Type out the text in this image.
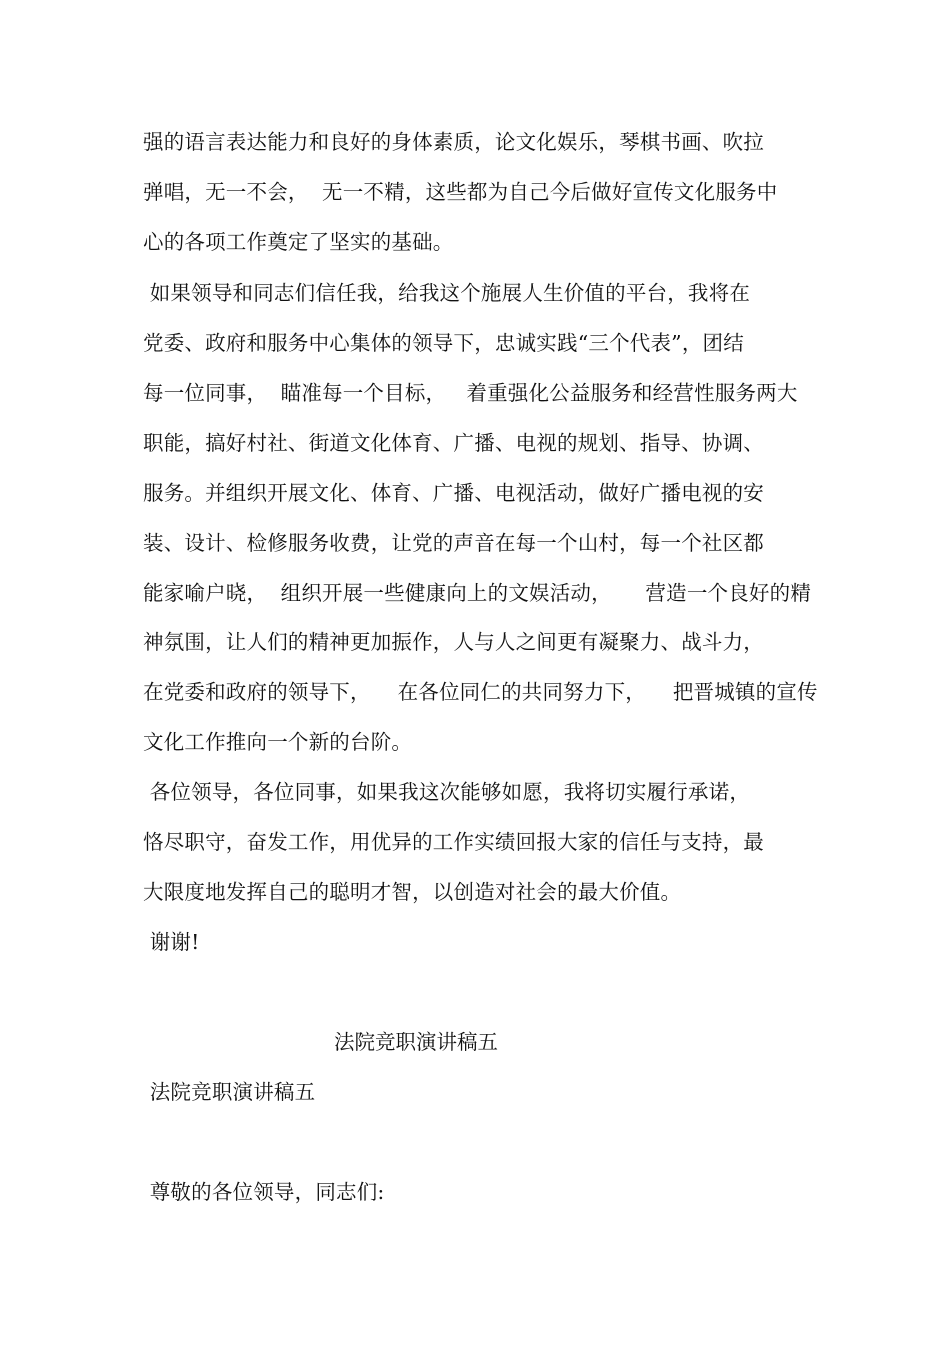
强的语言表达能力和良好的身体素质，论文化娱乐，琴棋书画、吹拉
弹唱，无一不会，  无一不精，这些都为自己今后做好宣传文化服务中
心的各项工作奠定了坚实的基础。
如果领导和同志们信任我，给我这个施展人生价值的平台，我将在
党委、政府和服务中心集体的领导下，忠诚实践“三个代表”，团结
每一位同事，  瞄准每一个目标，   着重强化公益服务和经营性服务两大
职能，搞好村社、街道文化体育、广播、电视的规划、指导、协调、
服务。并组织开展文化、体育、广播、电视活动，做好广播电视的安
装、设计、检修服务收费，让党的声音在每一个山村，每一个社区都
能家喻户晓，  组织开展一些健康向上的文娱活动，     营造一个良好的精
神氛围，让人们的精神更加振作，人与人之间更有凝聚力、战斗力，
在党委和政府的领导下，    在各位同仁的共同努力下，    把晋城镇的宣传
文化工作推向一个新的台阶。
各位领导，各位同事，如果我这次能够如愿，我将切实履行承诺，
恪尽职守，奋发工作，用优异的工作实绩回报大家的信任与支持，最
大限度地发挥自己的聪明才智，以创造对社会的最大价值。
谢谢!
法院竞职演讲稿五
法院竞职演讲稿五
尊敬的各位领导，同志们:
